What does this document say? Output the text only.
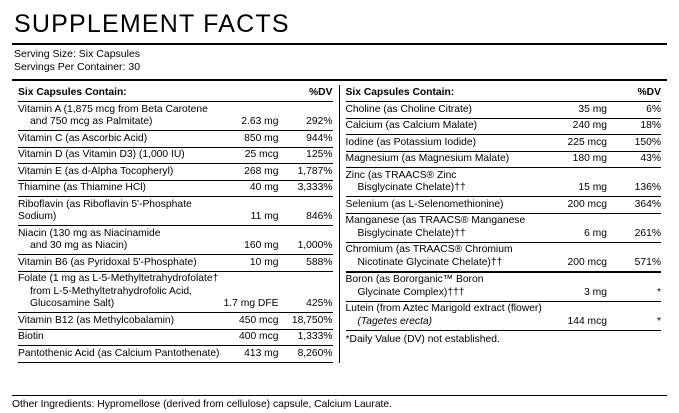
SUPPLEMENT FACTS
Serving Size: Six Capsules
Servings Per Container: 30
Six Capsules Contain:		%DV
Vitamin A (1,875 mcg from Beta Carotene
and 750 mcg as Palmitate)	2.63 mg	292%
Vitamin C (as Ascorbic Acid)	850 mg	944%
Vitamin D (as Vitamin D3) (1,000 IU)	25 mcg	125%
Vitamin E (as d-Alpha Tocopheryl)	268 mg	1,787%
Thiamine (as Thiamine HCl)	40 mg	3,333%
Riboflavin (as Riboflavin 5'-Phosphate Sodium)	11 mg	846%
Niacin (130 mg as Niacinamide
and 30 mg as Niacin)	160 mg	1,000%
Vitamin B6 (as Pyridoxal 5'-Phosphate)	10 mg	588%
Folate (1 mg as L-5-Methyltetrahydrofolate†
from L-5-Methyltetrahydrofolic Acid,
Glucosamine Salt)	1.7 mg DFE	425%
Vitamin B12 (as Methylcobalamin)	450 mcg	18,750%
Biotin	400 mcg	1,333%
Pantothenic Acid (as Calcium Pantothenate)	413 mg	8,260%
Six Capsules Contain:		%DV
Choline (as Choline Citrate)	35 mg	6%
Calcium (as Calcium Malate)	240 mg	18%
Iodine (as Potassium Iodide)	225 mcg	150%
Magnesium (as Magnesium Malate)	180 mg	43%
Zinc (as TRAACS® Zinc
Bisglycinate Chelate)††	15 mg	136%
Selenium (as L-Selenomethionine)	200 mcg	364%
Manganese (as TRAACS® Manganese
Bisglycinate Chelate)††	6 mg	261%
Chromium (as TRAACS® Chromium
Nicotinate Glycinate Chelate)††	200 mcg	571%
Boron (as Bororganic™ Boron
Glycinate Complex)†††	3 mg	*
Lutein (from Aztec Marigold extract (flower)
(Tagetes erecta)	144 mcg	*
*Daily Value (DV) not established.
Other Ingredients: Hypromellose (derived from cellulose) capsule, Calcium Laurate.
